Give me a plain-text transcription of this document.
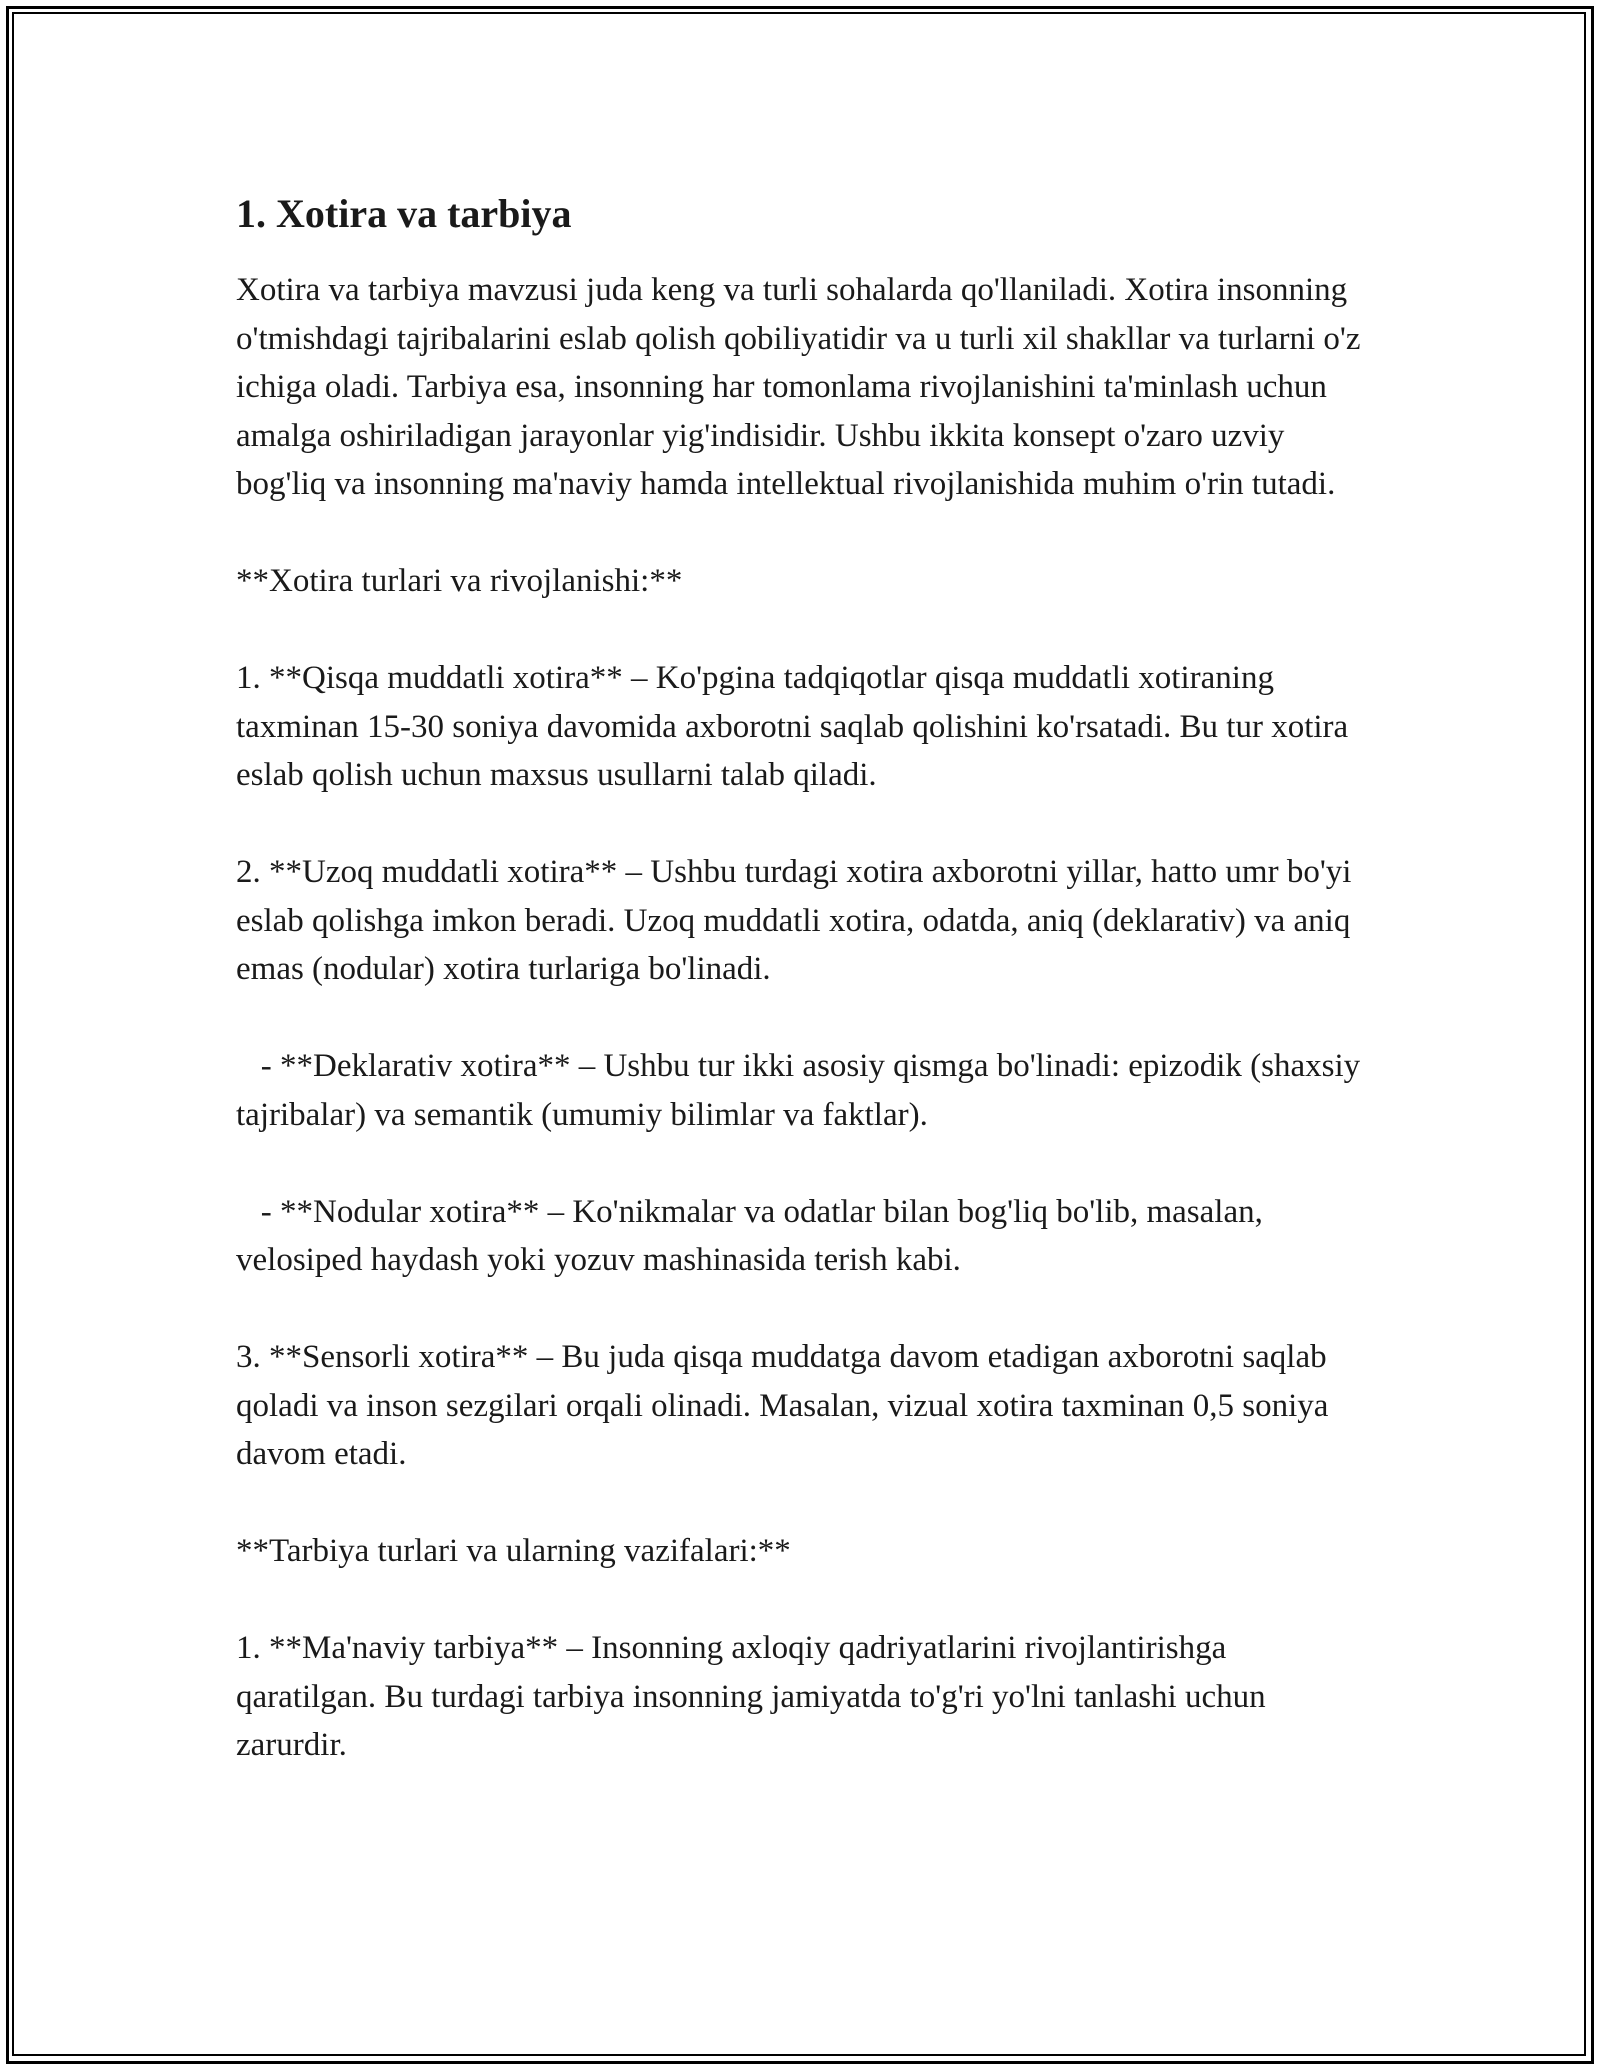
1. Xotira va tarbiya

Xotira va tarbiya mavzusi juda keng va turli sohalarda qo'llaniladi. Xotira insonning o'tmishdagi tajribalarini eslab qolish qobiliyatidir va u turli xil shakllar va turlarni o'z ichiga oladi. Tarbiya esa, insonning har tomonlama rivojlanishini ta'minlash uchun amalga oshiriladigan jarayonlar yig'indisidir. Ushbu ikkita konsept o'zaro uzviy bog'liq va insonning ma'naviy hamda intellektual rivojlanishida muhim o'rin tutadi.

**Xotira turlari va rivojlanishi:**

1. **Qisqa muddatli xotira** – Ko'pgina tadqiqotlar qisqa muddatli xotiraning taxminan 15-30 soniya davomida axborotni saqlab qolishini ko'rsatadi. Bu tur xotira eslab qolish uchun maxsus usullarni talab qiladi.

2. **Uzoq muddatli xotira** – Ushbu turdagi xotira axborotni yillar, hatto umr bo'yi eslab qolishga imkon beradi. Uzoq muddatli xotira, odatda, aniq (deklarativ) va aniq emas (nodular) xotira turlariga bo'linadi.

- **Deklarativ xotira** – Ushbu tur ikki asosiy qismga bo'linadi: epizodik (shaxsiy tajribalar) va semantik (umumiy bilimlar va faktlar).

- **Nodular xotira** – Ko'nikmalar va odatlar bilan bog'liq bo'lib, masalan, velosiped haydash yoki yozuv mashinasida terish kabi.

3. **Sensorli xotira** – Bu juda qisqa muddatga davom etadigan axborotni saqlab qoladi va inson sezgilari orqali olinadi. Masalan, vizual xotira taxminan 0,5 soniya davom etadi.

**Tarbiya turlari va ularning vazifalari:**

1. **Ma'naviy tarbiya** – Insonning axloqiy qadriyatlarini rivojlantirishga qaratilgan. Bu turdagi tarbiya insonning jamiyatda to'g'ri yo'lni tanlashi uchun zarurdir.
